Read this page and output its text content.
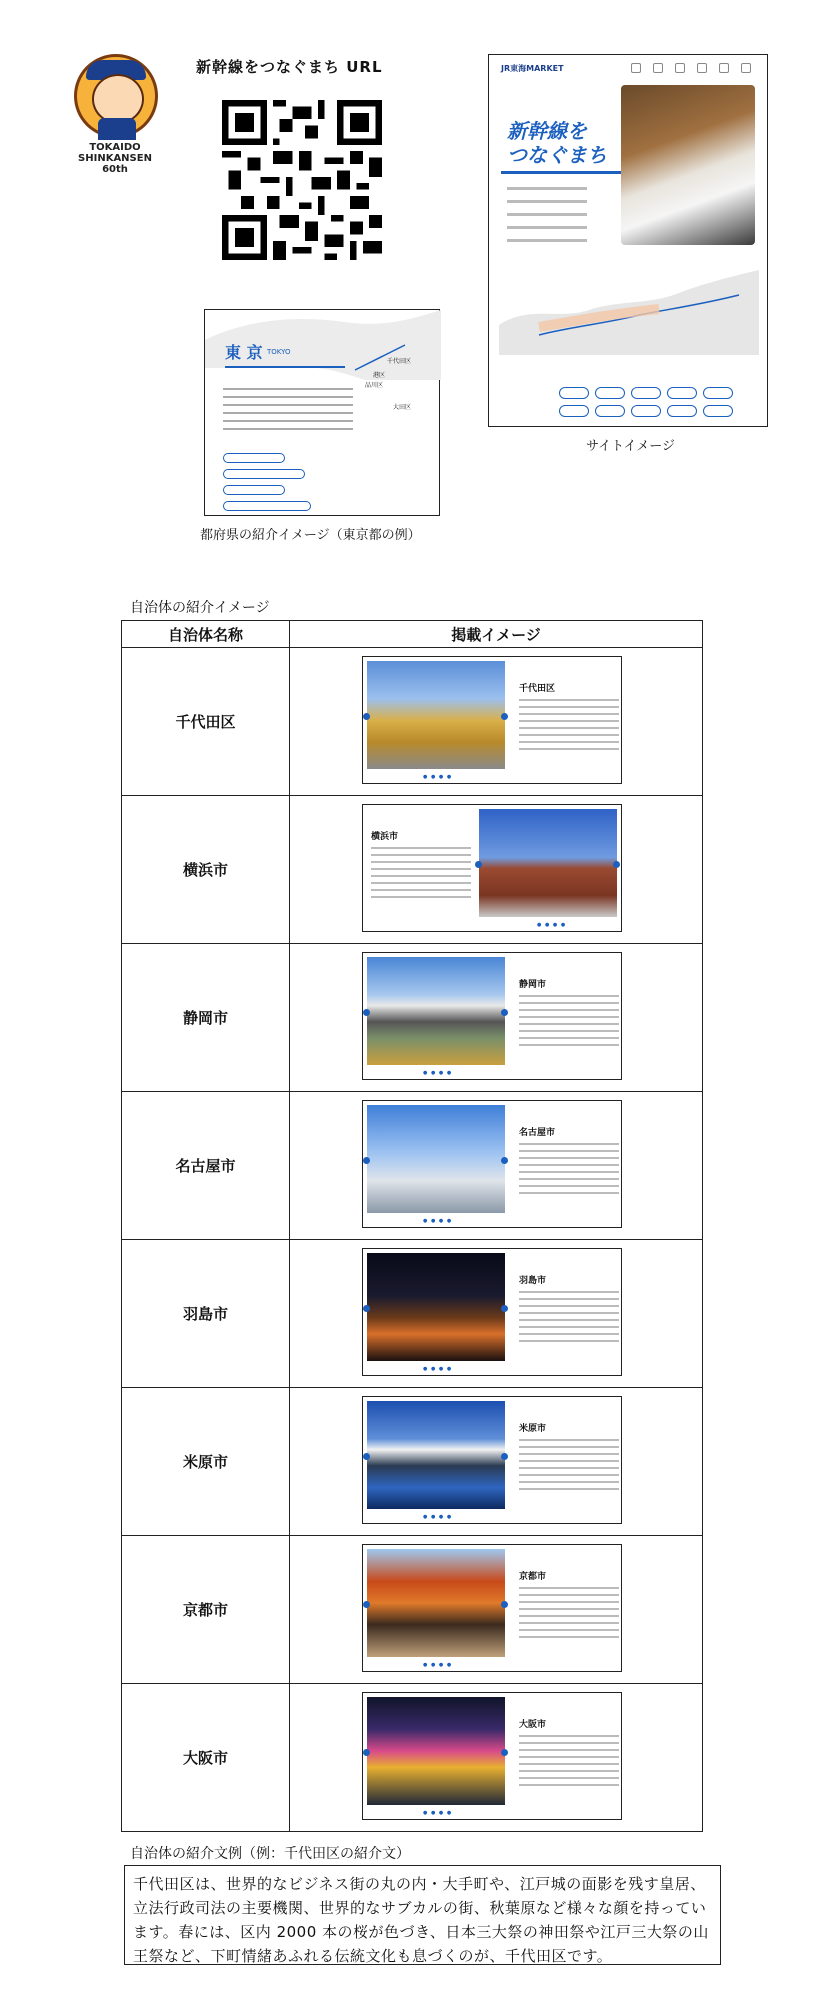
TOKAIDO
SHINKANSEN
60th
新幹線をつなぐまち URL	JR東海MARKET
新幹線を
つなぐまち
サイトイメージ
東 京 TOKYO
千代田区
港区
品川区
大田区
都府県の紹介イメージ（東京都の例）
自治体の紹介イメージ
自治体名称	掲載イメージ
千代田区	千代田区
● ● ● ●

横浜市	横浜市
● ● ● ●

静岡市	静岡市
● ● ● ●

名古屋市	名古屋市
● ● ● ●

羽島市	羽島市
● ● ● ●

米原市	米原市
● ● ● ●

京都市	京都市
● ● ● ●

大阪市	大阪市
● ● ● ●
自治体の紹介文例（例：千代田区の紹介文）
千代田区は、世界的なビジネス街の丸の内・大手町や、江戸城の面影を残す皇居、立法行政司法の主要機関、世界的なサブカルの街、秋葉原など様々な顔を持っています。春には、区内 2000 本の桜が色づき、日本三大祭の神田祭や江戸三大祭の山王祭など、下町情緒あふれる伝統文化も息づくのが、千代田区です。
